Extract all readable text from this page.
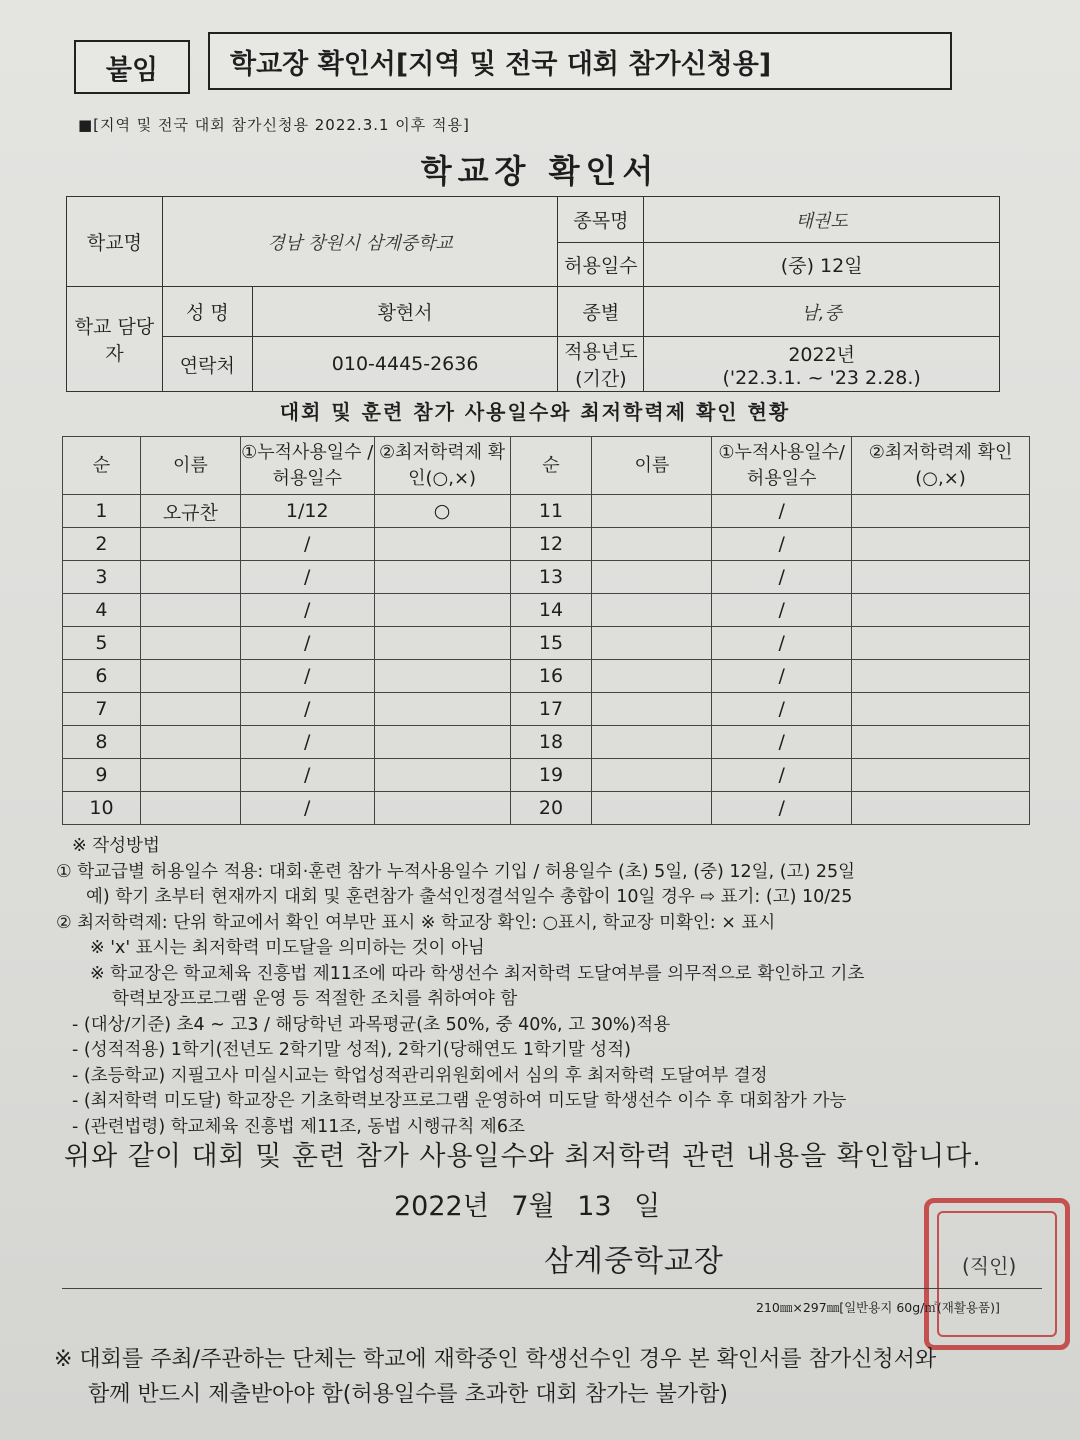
붙임	학교장 확인서[지역 및 전국 대회 참가신청용]
■[지역 및 전국 대회 참가신청용 2022.3.1 이후 적용]
학교장 확인서
학교명	경남 창원시 삼계중학교		종목명	태권도
			허용일수	(중) 12일
학교 담당자	성 명	황현서	종별	남,중
	연락처	010-4445-2636	적용년도 (기간)	2022년
('22.3.1. ~ '23 2.28.)
대회 및 훈련 참가 사용일수와 최저학력제 확인 현황
순	이름	①누적사용일수 /허용일수	②최저학력제 확인(○,×)	순	이름	①누적사용일수/ 허용일수	②최저학력제 확인(○,×)
1	오규찬	1/12	○	11		/	
2		/		12		/	
3		/		13		/	
4		/		14		/	
5		/		15		/	
6		/		16		/	
7		/		17		/	
8		/		18		/	
9		/		19		/	
10		/		20		/	
※ 작성방법
① 학교급별 허용일수 적용: 대회·훈련 참가 누적사용일수 기입 / 허용일수 (초) 5일, (중) 12일, (고) 25일
예) 학기 초부터 현재까지 대회 및 훈련참가 출석인정결석일수 총합이 10일 경우 ⇨ 표기: (고) 10/25
② 최저학력제: 단위 학교에서 확인 여부만 표시 ※ 학교장 확인: ○표시, 학교장 미확인: × 표시
※ 'x' 표시는 최저학력 미도달을 의미하는 것이 아님
※ 학교장은 학교체육 진흥법 제11조에 따라 학생선수 최저학력 도달여부를 의무적으로 확인하고 기초
학력보장프로그램 운영 등 적절한 조치를 취하여야 함
- (대상/기준) 초4 ~ 고3 / 해당학년 과목평균(초 50%, 중 40%, 고 30%)적용
- (성적적용) 1학기(전년도 2학기말 성적), 2학기(당해연도 1학기말 성적)
- (초등학교) 지필고사 미실시교는 학업성적관리위원회에서 심의 후 최저학력 도달여부 결정
- (최저학력 미도달) 학교장은 기초학력보장프로그램 운영하여 미도달 학생선수 이수 후 대회참가 가능
- (관련법령) 학교체육 진흥법 제11조, 동법 시행규칙 제6조
위와 같이 대회 및 훈련 참가 사용일수와 최저학력 관련 내용을 확인합니다.
2022년 7월 13 일
삼계중학교장	(직인)
210㎜×297㎜[일반용지 60g/㎡(재활용품)]
※ 대회를 주최/주관하는 단체는 학교에 재학중인 학생선수인 경우 본 확인서를 참가신청서와
함께 반드시 제출받아야 함(허용일수를 초과한 대회 참가는 불가함)
